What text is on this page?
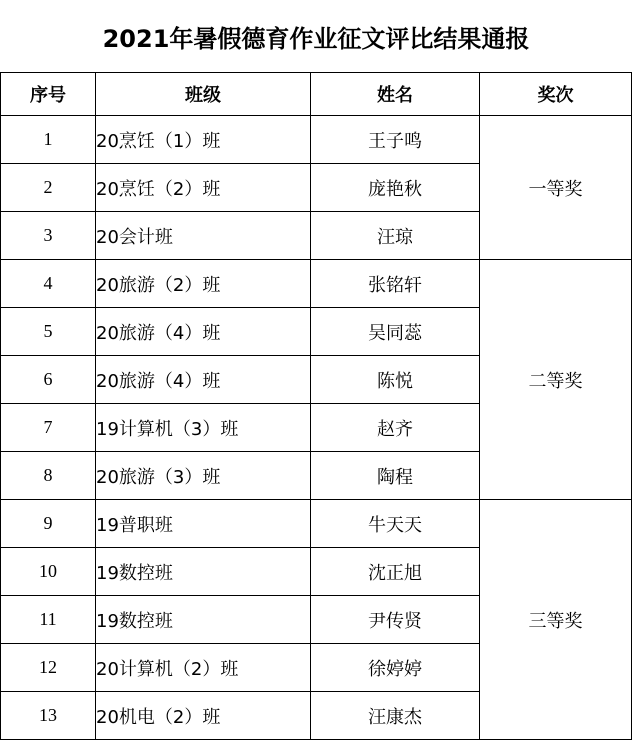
2021年暑假德育作业征文评比结果通报
序号	班级	姓名	奖次
1	20烹饪（1）班	王子鸣	一等奖
2	20烹饪（2）班	庞艳秋	
3	20会计班	汪琼	
4	20旅游（2）班	张铭轩	二等奖
5	20旅游（4）班	吴同蕊	
6	20旅游（4）班	陈悦	
7	19计算机（3）班	赵齐	
8	20旅游（3）班	陶程	
9	19普职班	牛天天	三等奖
10	19数控班	沈正旭	
11	19数控班	尹传贤	
12	20计算机（2）班	徐婷婷	
13	20机电（2）班	汪康杰	
